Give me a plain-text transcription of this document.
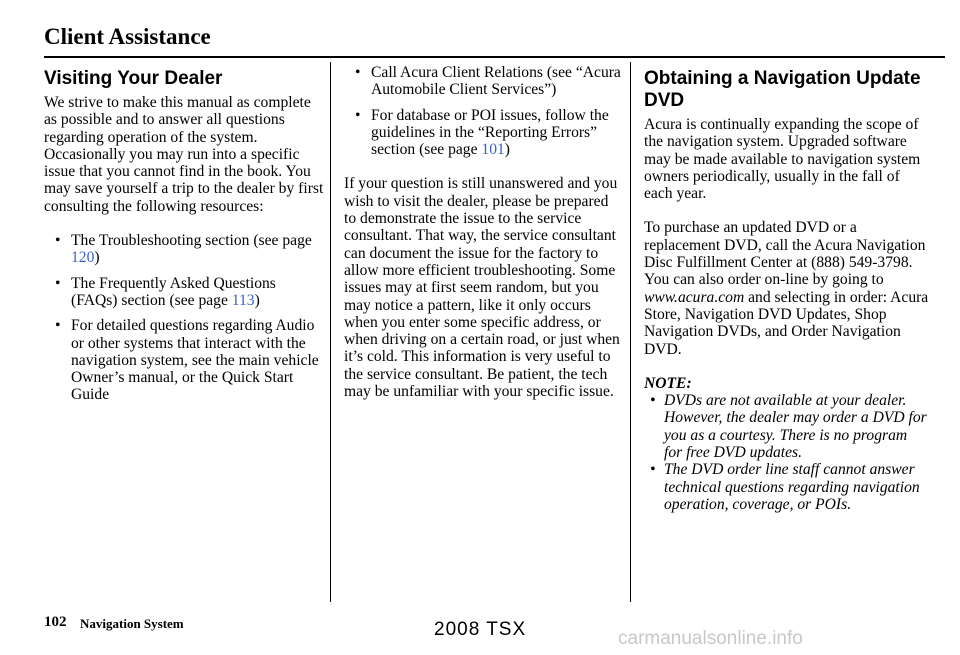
Client Assistance
Visiting Your Dealer

We strive to make this manual as complete as possible and to answer all questions regarding operation of the system. Occasionally you may run into a specific issue that you cannot find in the book. You may save yourself a trip to the dealer by first consulting the following resources:

• The Troubleshooting section (see page 120)

• The Frequently Asked Questions (FAQs) section (see page 113)

• For detailed questions regarding Audio or other systems that interact with the navigation system, see the main vehicle Owner’s manual, or the Quick Start Guide

• Call Acura Client Relations (see “Acura Automobile Client Services”)

• For database or POI issues, follow the guidelines in the “Reporting Errors” section (see page 101)

If your question is still unanswered and you wish to visit the dealer, please be prepared to demonstrate the issue to the service consultant. That way, the service consultant can document the issue for the factory to allow more efficient troubleshooting. Some issues may at first seem random, but you may notice a pattern, like it only occurs when you enter some specific address, or when driving on a certain road, or just when it’s cold. This information is very useful to the service consultant. Be patient, the tech may be unfamiliar with your specific issue.

Obtaining a Navigation Update DVD

Acura is continually expanding the scope of the navigation system. Upgraded software may be made available to navigation system owners periodically, usually in the fall of each year.

To purchase an updated DVD or a replacement DVD, call the Acura Navigation Disc Fulfillment Center at (888) 549-3798. You can also order on-line by going to www.acura.com and selecting in order: Acura Store, Navigation DVD Updates, Shop Navigation DVDs, and Order Navigation DVD.

NOTE:

• DVDs are not available at your dealer. However, the dealer may order a DVD for you as a courtesy. There is no program for free DVD updates.

• The DVD order line staff cannot answer technical questions regarding navigation operation, coverage, or POIs.

102 Navigation System	2008 TSX	carmanualsonline.info
